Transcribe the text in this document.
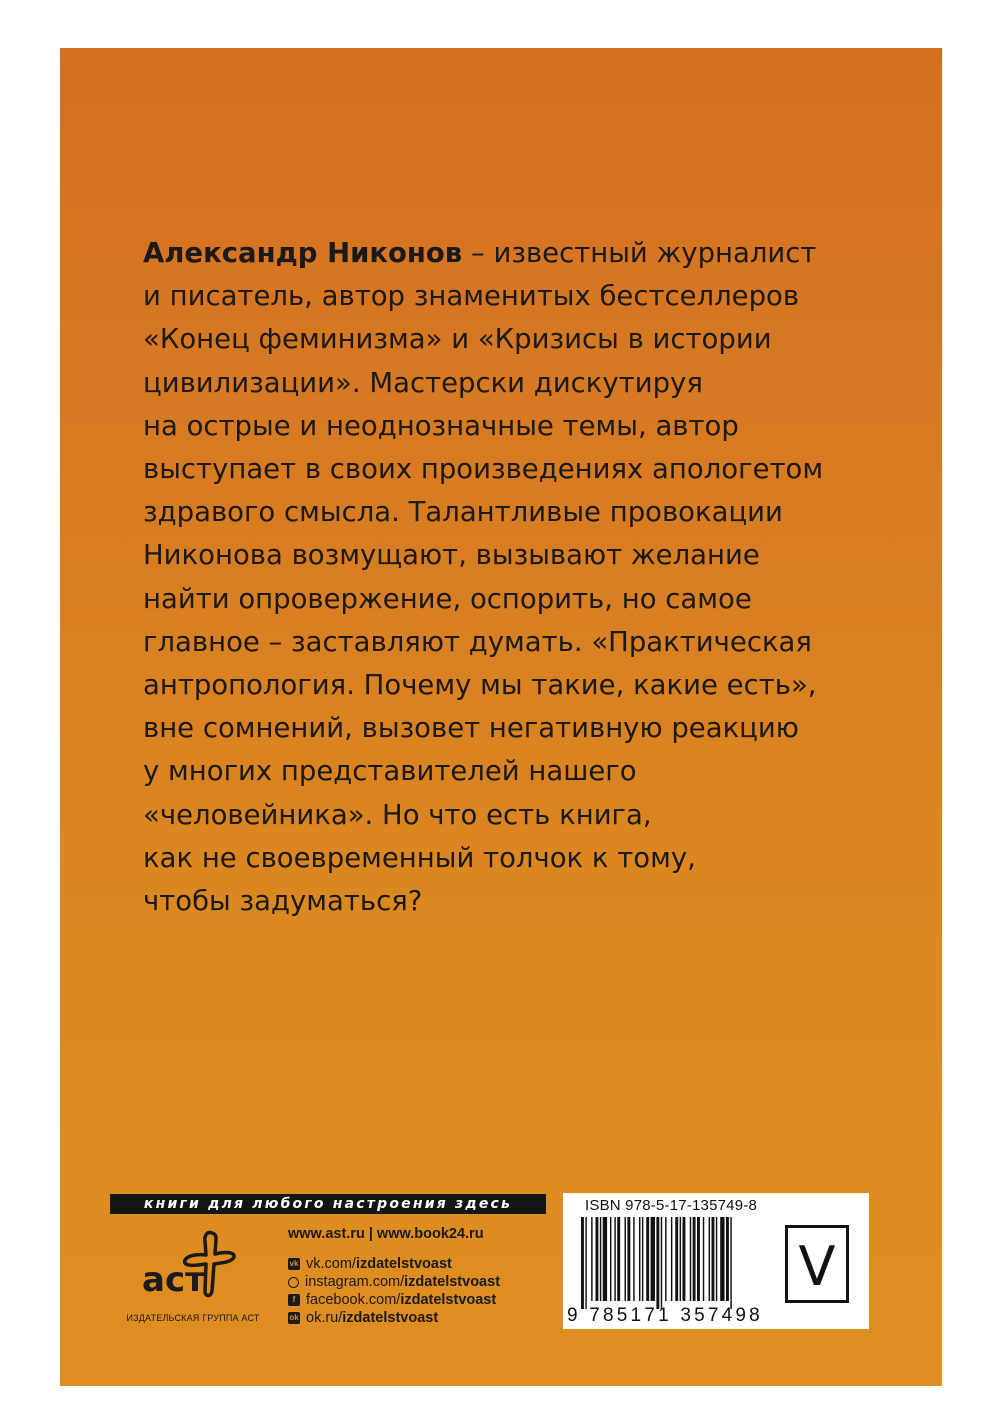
Александр Никонов – известный журналист
и писатель, автор знаменитых бестселлеров
«Конец феминизма» и «Кризисы в истории
цивилизации». Мастерски дискутируя
на острые и неоднозначные темы, автор
выступает в своих произведениях апологетом
здравого смысла. Талантливые провокации
Никонова возмущают, вызывают желание
найти опровержение, оспорить, но самое
главное – заставляют думать. «Практическая
антропология. Почему мы такие, какие есть»,
вне сомнений, вызовет негативную реакцию
у многих представителей нашего
«человейника». Но что есть книга,
как не своевременный толчок к тому,
чтобы задуматься?
книги для любого настроения здесь
аст
ИЗДАТЕЛЬСКАЯ ГРУППА АСТ
www.ast.ru | www.book24.ru
vk vk.com/ izdatelstvoast
instagram.com/ izdatelstvoast
f facebook.com/ izdatelstvoast
ok ok.ru/ izdatelstvoast
ISBN 978-5-17-135749-8
9 785171 357498
V
